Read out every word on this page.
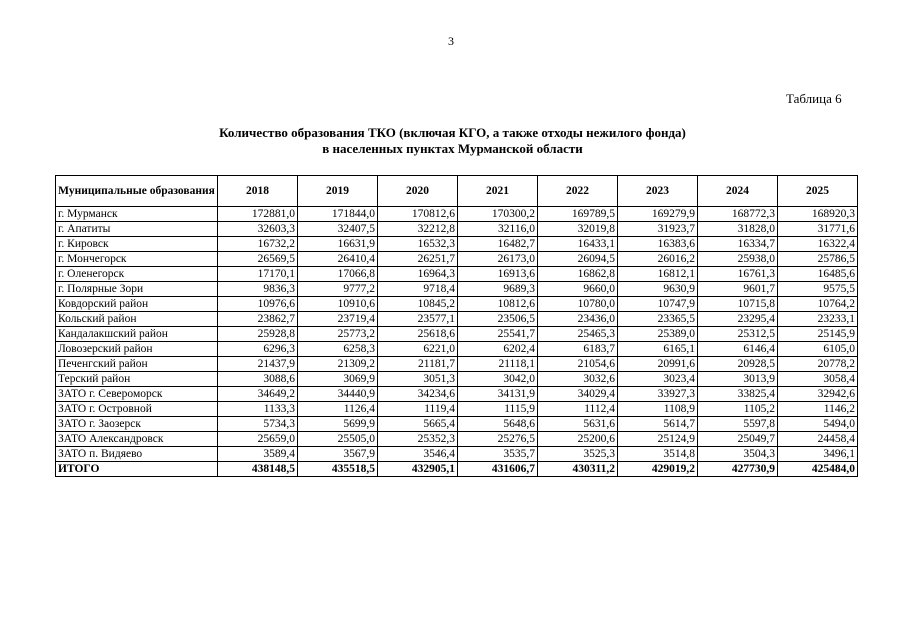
3
Таблица 6
Количество образования ТКО (включая КГО, а также отходы нежилого фонда)
в населенных пунктах Мурманской области
Муниципальные образования	2018	2019	2020	2021	2022	2023	2024	2025
г. Мурманск	172881,0	171844,0	170812,6	170300,2	169789,5	169279,9	168772,3	168920,3
г. Апатиты	32603,3	32407,5	32212,8	32116,0	32019,8	31923,7	31828,0	31771,6
г. Кировск	16732,2	16631,9	16532,3	16482,7	16433,1	16383,6	16334,7	16322,4
г. Мончегорск	26569,5	26410,4	26251,7	26173,0	26094,5	26016,2	25938,0	25786,5
г. Оленегорск	17170,1	17066,8	16964,3	16913,6	16862,8	16812,1	16761,3	16485,6
г. Полярные Зори	9836,3	9777,2	9718,4	9689,3	9660,0	9630,9	9601,7	9575,5
Ковдорский район	10976,6	10910,6	10845,2	10812,6	10780,0	10747,9	10715,8	10764,2
Кольский район	23862,7	23719,4	23577,1	23506,5	23436,0	23365,5	23295,4	23233,1
Кандалакшский район	25928,8	25773,2	25618,6	25541,7	25465,3	25389,0	25312,5	25145,9
Ловозерский район	6296,3	6258,3	6221,0	6202,4	6183,7	6165,1	6146,4	6105,0
Печенгский район	21437,9	21309,2	21181,7	21118,1	21054,6	20991,6	20928,5	20778,2
Терский район	3088,6	3069,9	3051,3	3042,0	3032,6	3023,4	3013,9	3058,4
ЗАТО г. Североморск	34649,2	34440,9	34234,6	34131,9	34029,4	33927,3	33825,4	32942,6
ЗАТО г. Островной	1133,3	1126,4	1119,4	1115,9	1112,4	1108,9	1105,2	1146,2
ЗАТО г. Заозерск	5734,3	5699,9	5665,4	5648,6	5631,6	5614,7	5597,8	5494,0
ЗАТО Александровск	25659,0	25505,0	25352,3	25276,5	25200,6	25124,9	25049,7	24458,4
ЗАТО п. Видяево	3589,4	3567,9	3546,4	3535,7	3525,3	3514,8	3504,3	3496,1
ИТОГО	438148,5	435518,5	432905,1	431606,7	430311,2	429019,2	427730,9	425484,0
